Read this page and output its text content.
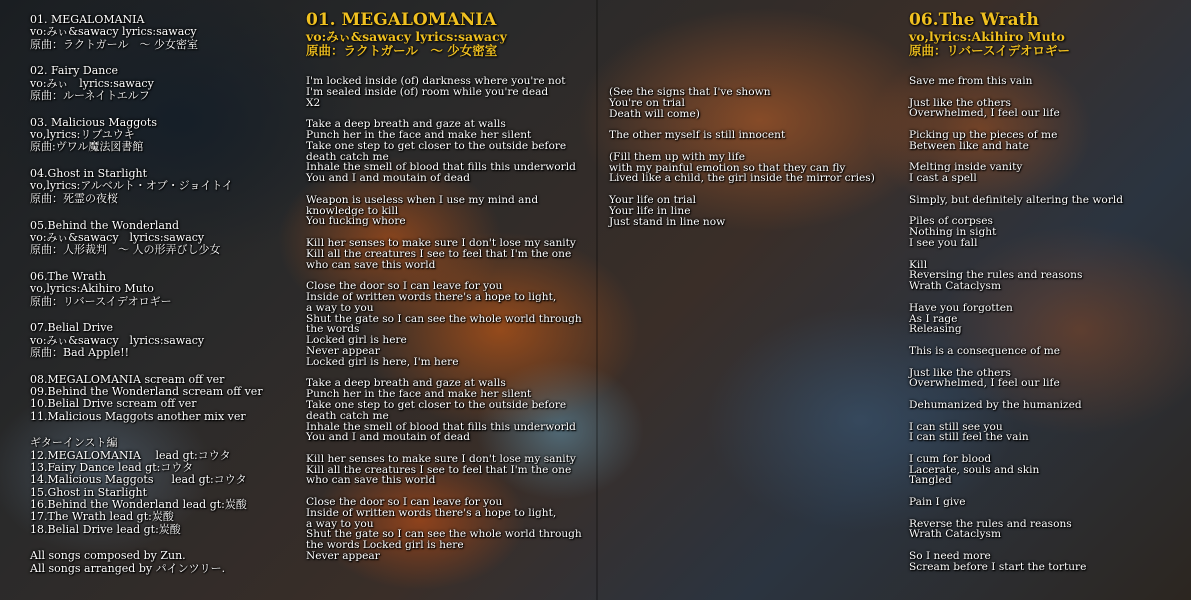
01. MEGALOMANIA
vo:みぃ&sawacy lyrics:sawacy
原曲：ラクトガール　～ 少女密室
02. Fairy Dance
vo:みぃ　lyrics:sawacy
原曲：ルーネイトエルフ
03. Malicious Maggots
vo,lyrics:リブユウキ
原曲:ヴワル魔法図書館
04.Ghost in Starlight
vo,lyrics:アルベルト・オブ・ジョイトイ
原曲：死霊の夜桜
05.Behind the Wonderland
vo:みぃ&sawacy　lyrics:sawacy
原曲：人形裁判　～ 人の形弄びし少女
06.The Wrath
vo,lyrics:Akihiro Muto
原曲：リバースイデオロギー
07.Belial Drive
vo:みぃ&sawacy　lyrics:sawacy
原曲：Bad Apple!!
08.MEGALOMANIA scream off ver
09.Behind the Wonderland scream off ver
10.Belial Drive scream off ver
11.Malicious Maggots another mix ver
ギターインスト編
12.MEGALOMANIA　 lead gt:コウタ
13.Fairy Dance lead gt:コウタ
14.Malicious Maggots 　 lead gt:コウタ
15.Ghost in Starlight
16.Behind the Wonderland lead gt:炭酸
17.The Wrath lead gt:炭酸
18.Belial Drive lead gt:炭酸
All songs composed by Zun.
All songs arranged by パインツリー.
01. MEGALOMANIA
vo:みぃ&sawacy lyrics:sawacy
原曲：ラクトガール　～ 少女密室
I'm locked inside (of) darkness where you're not
I'm sealed inside (of) room while you're dead
X2
Take a deep breath and gaze at walls
Punch her in the face and make her silent
Take one step to get closer to the outside before
death catch me
Inhale the smell of blood that fills this underworld
You and I and moutain of dead
Weapon is useless when I use my mind and
knowledge to kill
You fucking whore
Kill her senses to make sure I don't lose my sanity
Kill all the creatures I see to feel that I'm the one
who can save this world
Close the door so I can leave for you
Inside of written words there's a hope to light,
a way to you
Shut the gate so I can see the whole world through
the words
Locked girl is here
Never appear
Locked girl is here, I'm here
Take a deep breath and gaze at walls
Punch her in the face and make her silent
Take one step to get closer to the outside before
death catch me
Inhale the smell of blood that fills this underworld
You and I and moutain of dead
Kill her senses to make sure I don't lose my sanity
Kill all the creatures I see to feel that I'm the one
who can save this world
Close the door so I can leave for you
Inside of written words there's a hope to light,
a way to you
Shut the gate so I can see the whole world through
the words Locked girl is here
Never appear
(See the signs that I've shown
You're on trial
Death will come)
The other myself is still innocent
(Fill them up with my life
with my painful emotion so that they can fly
Lived like a child, the girl inside the mirror cries)
Your life on trial
Your life in line
Just stand in line now
06.The Wrath
vo,lyrics:Akihiro Muto
原曲：リバースイデオロギー
Save me from this vain
Just like the others
Overwhelmed, I feel our life
Picking up the pieces of me
Between like and hate
Melting inside vanity
I cast a spell
Simply, but definitely altering the world
Piles of corpses
Nothing in sight
I see you fall
Kill
Reversing the rules and reasons
Wrath Cataclysm
Have you forgotten
As I rage
Releasing
This is a consequence of me
Just like the others
Overwhelmed, I feel our life
Dehumanized by the humanized
I can still see you
I can still feel the vain
I cum for blood
Lacerate, souls and skin
Tangled
Pain I give
Reverse the rules and reasons
Wrath Cataclysm
So I need more
Scream before I start the torture
